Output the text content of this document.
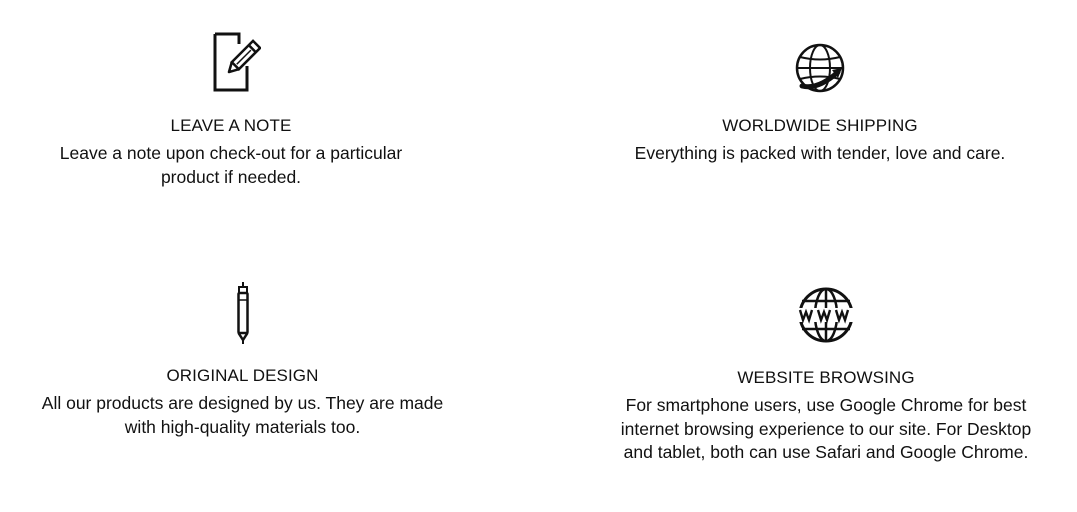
LEAVE A NOTE

Leave a note upon check-out for a particular product if needed.

WORLDWIDE SHIPPING

Everything is packed with tender, love and care.

ORIGINAL DESIGN

All our products are designed by us. They are made with high-quality materials too.

WEBSITE BROWSING

For smartphone users, use Google Chrome for best internet browsing experience to our site. For Desktop and tablet, both can use Safari and Google Chrome.
